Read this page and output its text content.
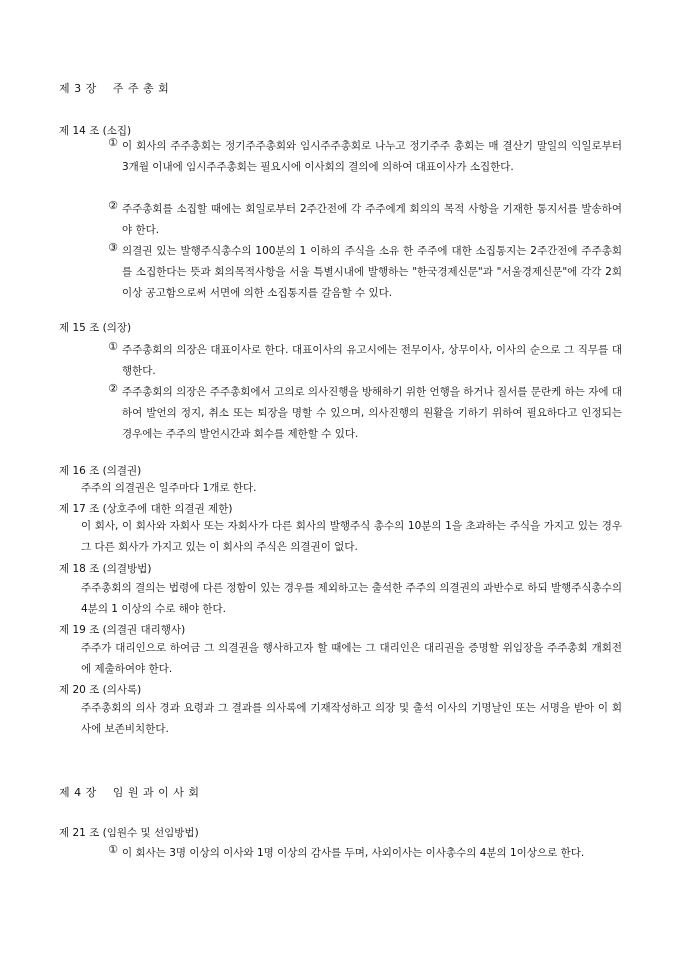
제 3 장    주 주 총 회
제 14 조 (소집)
① 이 회사의 주주총회는 정기주주총회와 임시주주총회로 나누고 정기주주 총회는 매 결산기 말일의 익일로부터 3개월 이내에 임시주주총회는 필요시에 이사회의 결의에 의하여 대표이사가 소집한다.
② 주주총회를 소집할 때에는 회일로부터 2주간전에 각 주주에게 회의의 목적 사항을 기재한 통지서를 발송하여야 한다.
③ 의결권 있는 발행주식총수의 100분의 1 이하의 주식을 소유 한 주주에 대한 소집통지는 2주간전에 주주총회를 소집한다는 뜻과 회의목적사항을 서울 특별시내에 발행하는 "한국경제신문"과 "서울경제신문"에 각각 2회이상 공고함으로써 서면에 의한 소집통지를 갈음할 수 있다.
제 15 조 (의장)
① 주주총회의 의장은 대표이사로 한다. 대표이사의 유고시에는 전무이사, 상무이사, 이사의 순으로 그 직무를 대행한다.
② 주주총회의 의장은 주주총회에서 고의로 의사진행을 방해하기 위한 언행을 하거나 질서를 문란케 하는 자에 대하여 발언의 정지, 취소 또는 퇴장을 명할 수 있으며, 의사진행의 원활을 기하기 위하여 필요하다고 인정되는 경우에는 주주의 발언시간과 회수를 제한할 수 있다.
제 16 조 (의결권)
주주의 의결권은 일주마다 1개로 한다.
제 17 조 (상호주에 대한 의결권 제한)
이 회사, 이 회사와 자회사 또는 자회사가 다른 회사의 발행주식 총수의 10분의 1을 초과하는 주식을 가지고 있는 경우 그 다른 회사가 가지고 있는 이 회사의 주식은 의결권이 없다.
제 18 조 (의결방법)
주주총회의 결의는 법령에 다른 정함이 있는 경우를 제외하고는 출석한 주주의 의결권의 과반수로 하되 발행주식총수의 4분의 1 이상의 수로 해야 한다.
제 19 조 (의결권 대리행사)
주주가 대리인으로 하여금 그 의결권을 행사하고자 할 때에는 그 대리인은 대리권을 증명할 위임장을 주주총회 개회전에 제출하여야 한다.
제 20 조 (의사록)
주주총회의 의사 경과 요령과 그 결과를 의사록에 기재작성하고 의장 및 출석 이사의 기명날인 또는 서명을 받아 이 회사에 보존비치한다.
제 4 장    임 원 과 이 사 회
제 21 조 (임원수 및 선임방법)
① 이 회사는 3명 이상의 이사와 1명 이상의 감사를 두며, 사외이사는 이사총수의 4분의 1이상으로 한다.
